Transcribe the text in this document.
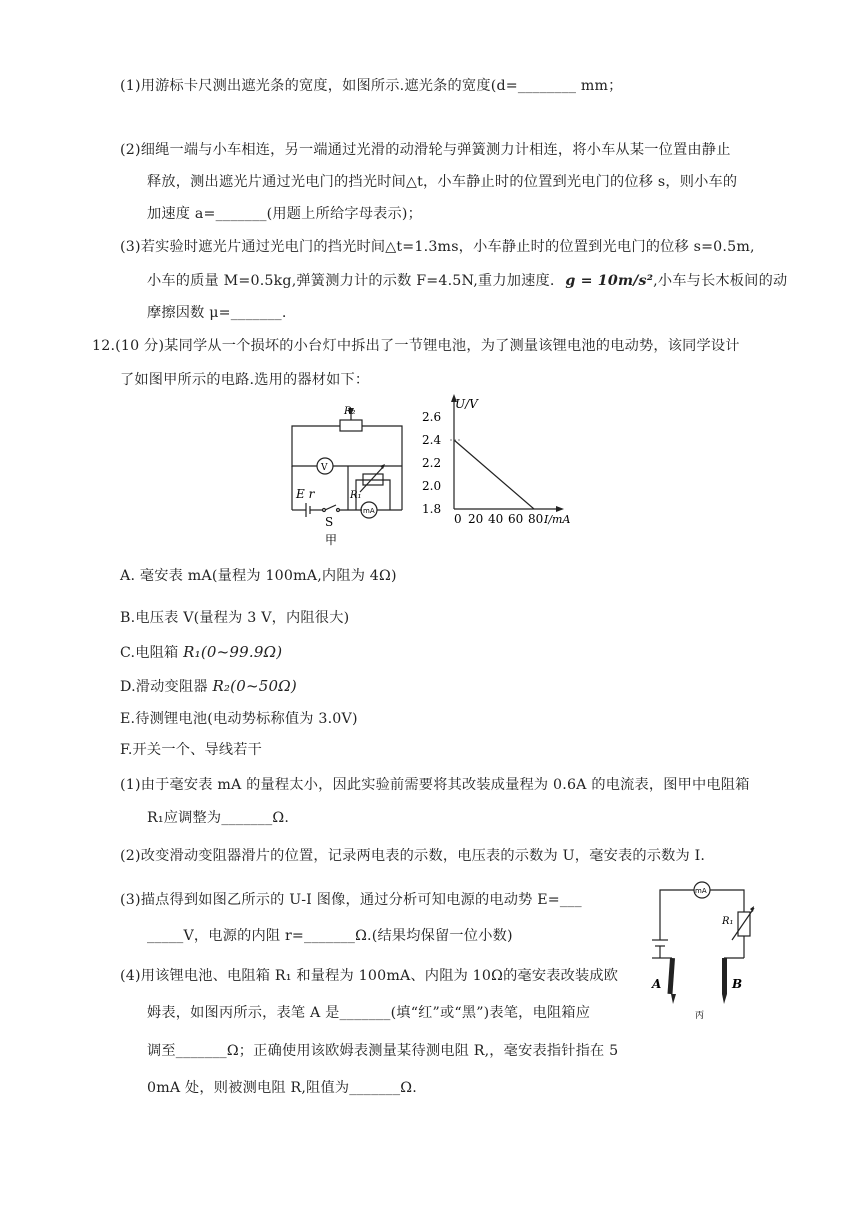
(1)用游标卡尺测出遮光条的宽度，如图所示.遮光条的宽度(d=________ mm；
(2)细绳一端与小车相连，另一端通过光滑的动滑轮与弹簧测力计相连，将小车从某一位置由静止
释放，测出遮光片通过光电门的挡光时间△t，小车静止时的位置到光电门的位移 s，则小车的
加速度 a=_______(用题上所给字母表示)；
(3)若实验时遮光片通过光电门的挡光时间△t=1.3ms，小车静止时的位置到光电门的位移 s=0.5m,
小车的质量 M=0.5kg,弹簧测力计的示数 F=4.5N,重力加速度. g = 10m/s²,小车与长木板间的动
摩擦因数 μ=_______.
12.(10 分)某同学从一个损坏的小台灯中拆出了一节锂电池，为了测量该锂电池的电动势，该同学设计
了如图甲所示的电路.选用的器材如下：
R₂
V
E r	R₁
mA
S
甲
U/V
I/mA
2.6
2.4
2.2
2.0
1.8
0 20 40 60 80
A. 毫安表 mA(量程为 100mA,内阻为 4Ω)
B.电压表 V(量程为 3 V，内阻很大)
C.电阻箱 R₁(0~99.9Ω)
D.滑动变阻器 R₂(0~50Ω)
E.待测锂电池(电动势标称值为 3.0V)
F.开关一个、导线若干
(1)由于毫安表 mA 的量程太小，因此实验前需要将其改装成量程为 0.6A 的电流表，图甲中电阻箱
R₁应调整为_______Ω.
(2)改变滑动变阻器滑片的位置，记录两电表的示数，电压表的示数为 U，毫安表的示数为 I.
(3)描点得到如图乙所示的 U-I 图像，通过分析可知电源的电动势 E=___
_____V，电源的内阻 r=_______Ω.(结果均保留一位小数)
(4)用该锂电池、电阻箱 R₁ 和量程为 100mA、内阻为 10Ω的毫安表改装成欧
姆表，如图丙所示，表笔 A 是_______(填“红”或“黑”)表笔，电阻箱应
调至_______Ω；正确使用该欧姆表测量某待测电阻 R,，毫安表指针指在 5
0mA 处，则被测电阻 R,阻值为_______Ω.
mA
R₁
A	B
丙
